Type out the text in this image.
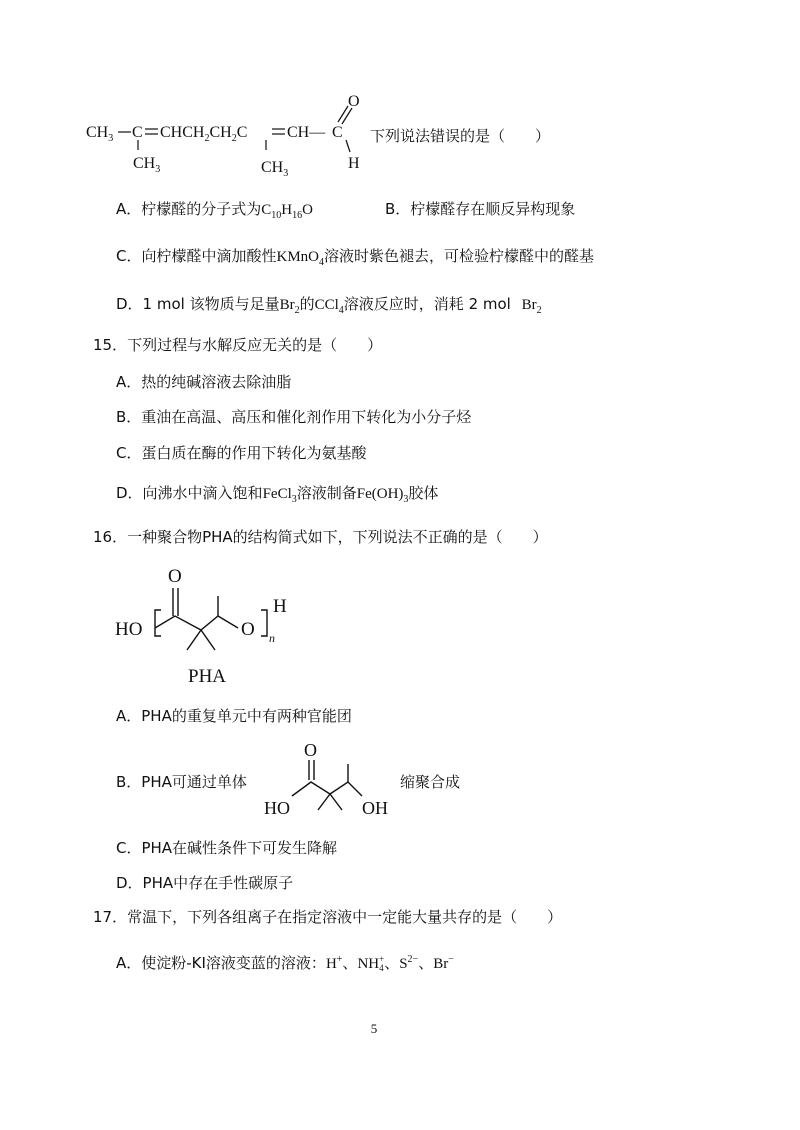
$CH_3$ C $CHCH_2CH_2C$ CH— C
O
H
$CH_3$	$CH_3$
下列说法错误的是（　　）
A．柠檬醛的分子式为$C_{10}H_{16}O$	B．柠檬醛存在顺反异构现象
C．向柠檬醛中滴加酸性KMnO$_4$溶液时紫色褪去，可检验柠檬醛中的醛基
D．1 mol 该物质与足量$Br_2$的CCl$_4$溶液反应时，消耗 2 mol $Br_2$
15．下列过程与水解反应无关的是（　　）
A．热的纯碱溶液去除油脂
B．重油在高温、高压和催化剂作用下转化为小分子烃
C．蛋白质在酶的作用下转化为氨基酸
D．向沸水中滴入饱和FeCl$_3$溶液制备$Fe(OH)_3$胶体
16．一种聚合物PHA的结构简式如下，下列说法不正确的是（　　）
O
HO	O n
H
PHA
A．PHA的重复单元中有两种官能团
B．PHA可通过单体
O
HO	OH
缩聚合成
C．PHA在碱性条件下可发生降解
D．PHA中存在手性碳原子
17．常温下，下列各组离子在指定溶液中一定能大量共存的是（　　）
A．使淀粉-KI溶液变蓝的溶液：H+、NH +
4 、$S^{2-}$、Br−
5
